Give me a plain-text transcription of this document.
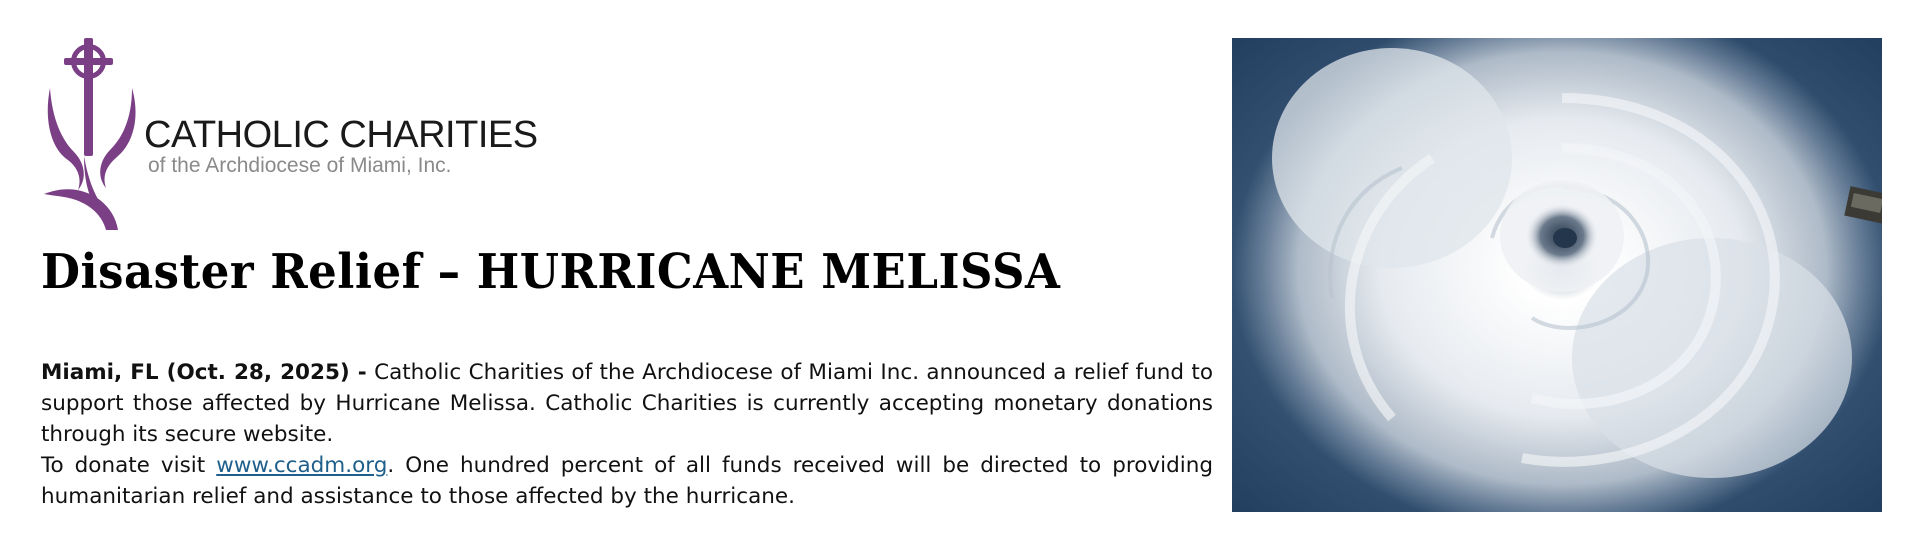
CATHOLIC CHARITIES
of the Archdiocese of Miami, Inc.
Disaster Relief – HURRICANE MELISSA

Miami, FL (Oct. 28, 2025) - Catholic Charities of the Archdiocese of Miami Inc. announced a relief fund to support those affected by Hurricane Melissa. Catholic Charities is currently accepting monetary donations through its secure website.

To donate visit www.ccadm.org. One hundred percent of all funds received will be directed to providing humanitarian relief and assistance to those affected by the hurricane.
